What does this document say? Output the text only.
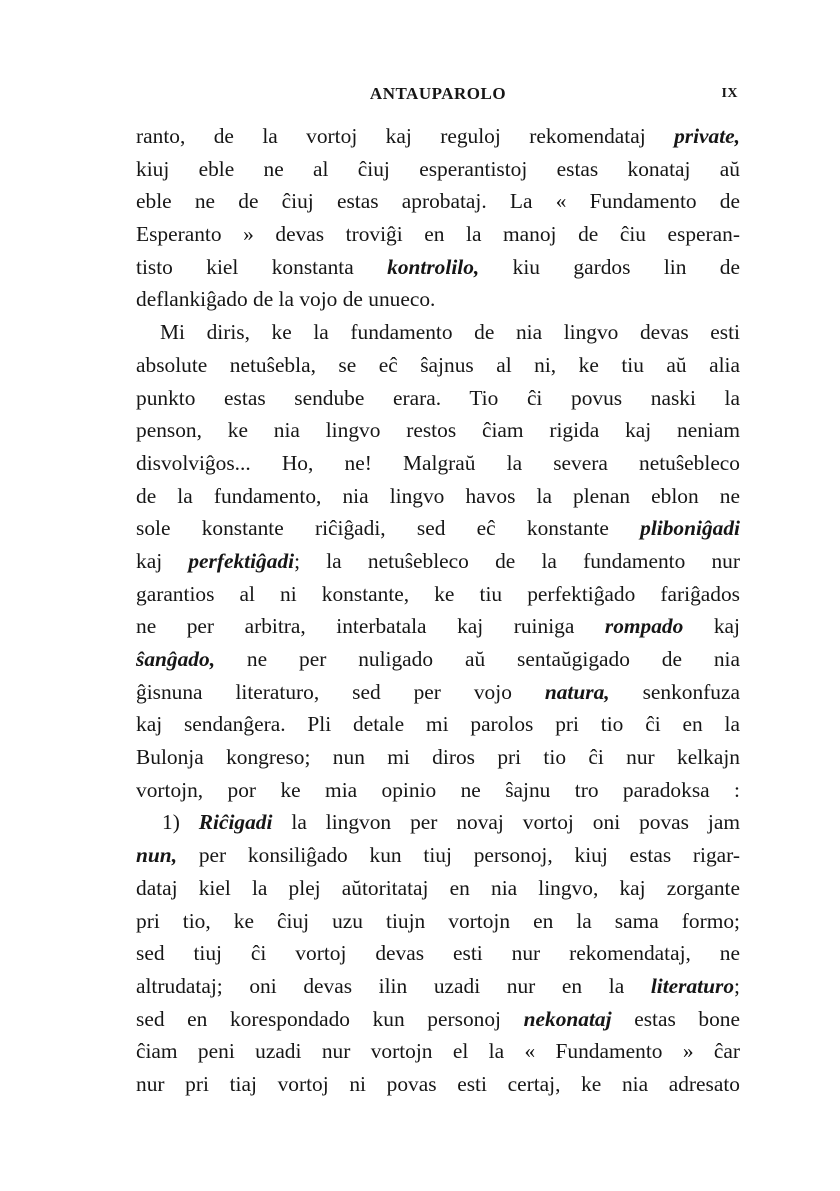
ANTAUPAROLO	IX
ranto, de la vortoj kaj reguloj rekomendataj private,
kiuj eble ne al ĉiuj esperantistoj estas konataj aŭ
eble ne de ĉiuj estas aprobataj. La « Fundamento de
Esperanto » devas troviĝi en la manoj de ĉiu esperan-
tisto kiel konstanta kontrolilo, kiu gardos lin de
deflankiĝado de la vojo de unueco.
Mi diris, ke la fundamento de nia lingvo devas esti
absolute netuŝebla, se eĉ ŝajnus al ni, ke tiu aŭ alia
punkto estas sendube erara. Tio ĉi povus naski la
penson, ke nia lingvo restos ĉiam rigida kaj neniam
disvolviĝos... Ho, ne! Malgraŭ la severa netuŝebleco
de la fundamento, nia lingvo havos la plenan eblon ne
sole konstante riĉiĝadi, sed eĉ konstante pliboniĝadi
kaj perfektiĝadi; la netuŝebleco de la fundamento nur
garantios al ni konstante, ke tiu perfektiĝado fariĝados
ne per arbitra, interbatala kaj ruiniga rompado kaj
ŝanĝado, ne per nuligado aŭ sentaŭgigado de nia
ĝisnuna literaturo, sed per vojo natura, senkonfuza
kaj sendanĝera. Pli detale mi parolos pri tio ĉi en la
Bulonja kongreso; nun mi diros pri tio ĉi nur kelkajn
vortojn, por ke mia opinio ne ŝajnu tro paradoksa :
1) Riĉigadi la lingvon per novaj vortoj oni povas jam
nun, per konsiliĝado kun tiuj personoj, kiuj estas rigar-
dataj kiel la plej aŭtoritataj en nia lingvo, kaj zorgante
pri tio, ke ĉiuj uzu tiujn vortojn en la sama formo;
sed tiuj ĉi vortoj devas esti nur rekomendataj, ne
altrudataj; oni devas ilin uzadi nur en la literaturo;
sed en korespondado kun personoj nekonataj estas bone
ĉiam peni uzadi nur vortojn el la « Fundamento » ĉar
nur pri tiaj vortoj ni povas esti certaj, ke nia adresato
